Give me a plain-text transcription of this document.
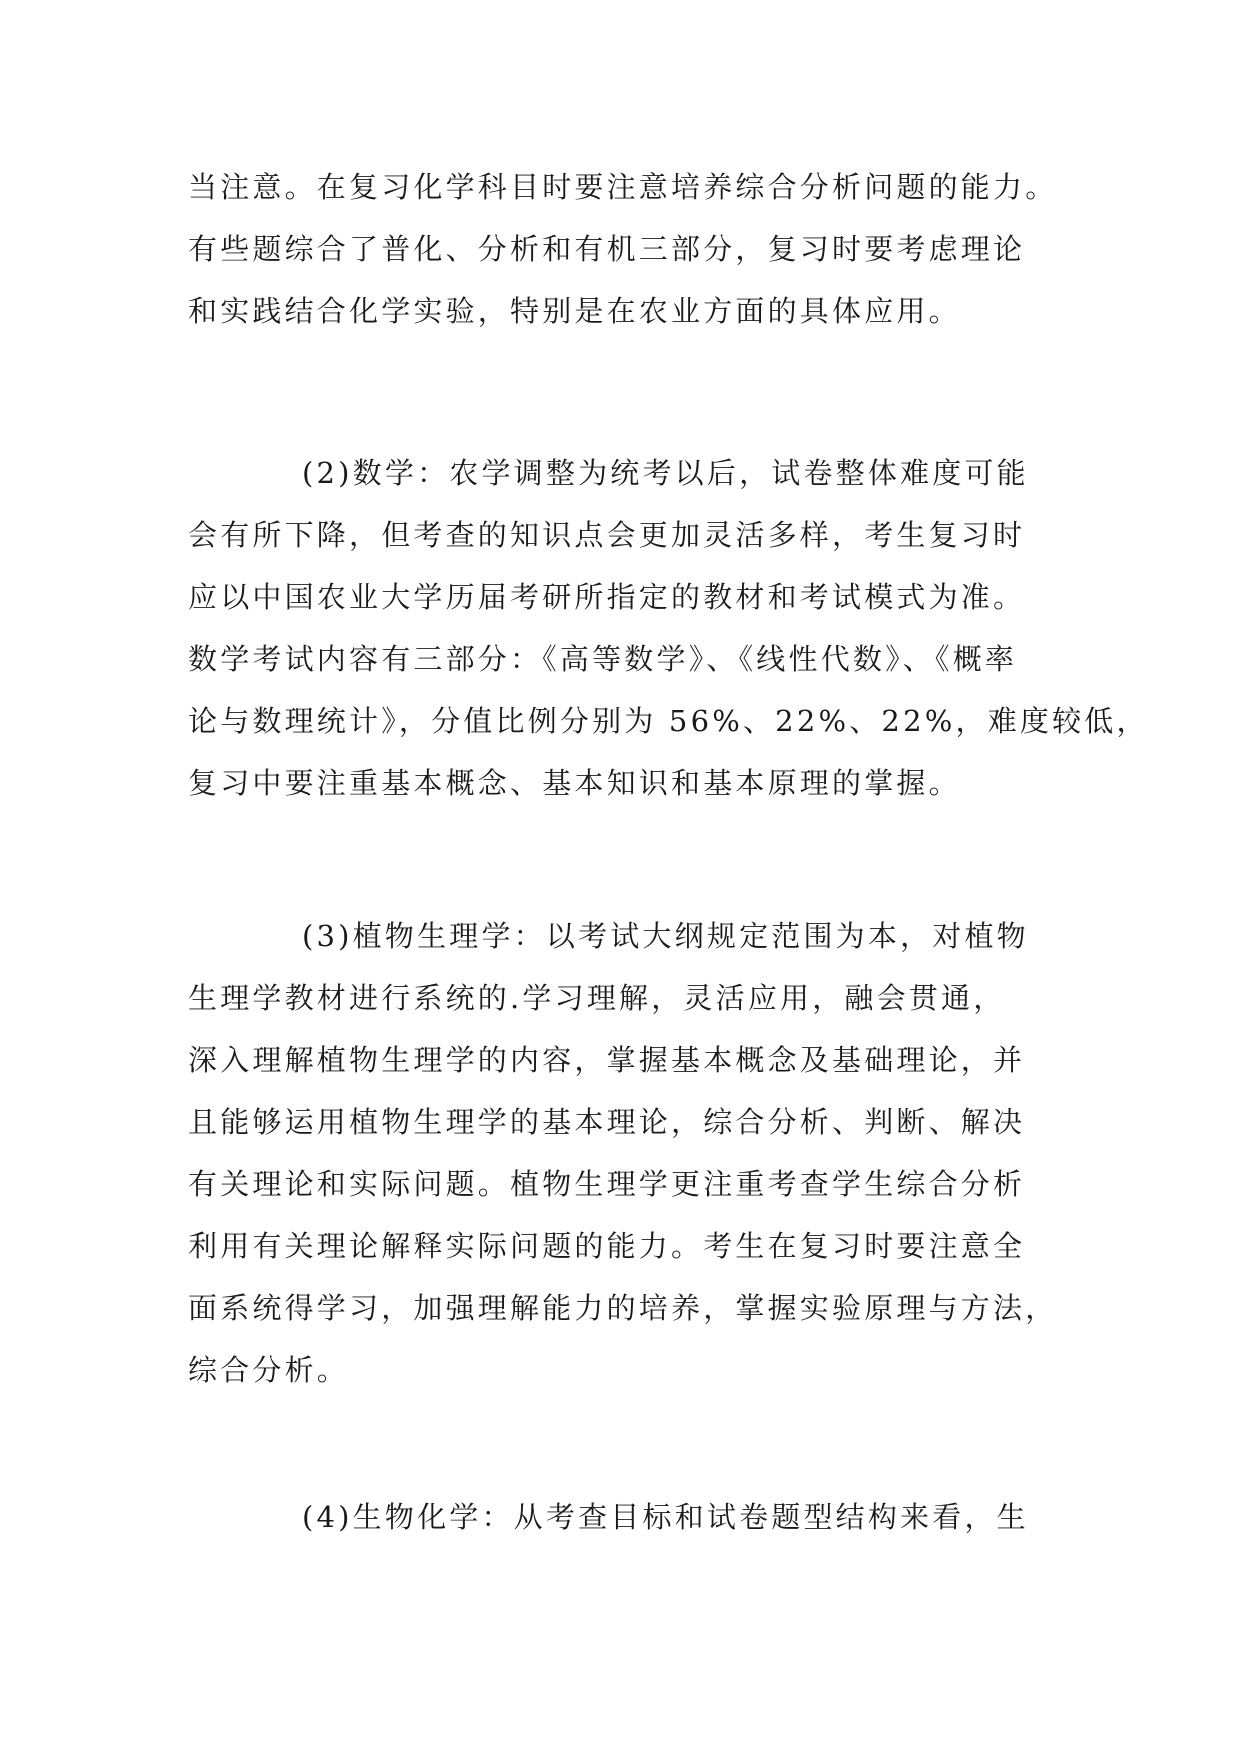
当注意。在复习化学科目时要注意培养综合分析问题的能力。
有些题综合了普化、分析和有机三部分，复习时要考虑理论
和实践结合化学实验，特别是在农业方面的具体应用。
(2)数学：农学调整为统考以后，试卷整体难度可能
会有所下降，但考查的知识点会更加灵活多样，考生复习时
应以中国农业大学历届考研所指定的教材和考试模式为准。
数学考试内容有三部分：《高等数学》、《线性代数》、《概率
论与数理统计》，分值比例分别为 56%、22%、22%，难度较低，
复习中要注重基本概念、基本知识和基本原理的掌握。
(3)植物生理学：以考试大纲规定范围为本，对植物
生理学教材进行系统的.学习理解，灵活应用，融会贯通，
深入理解植物生理学的内容，掌握基本概念及基础理论，并
且能够运用植物生理学的基本理论，综合分析、判断、解决
有关理论和实际问题。植物生理学更注重考查学生综合分析
利用有关理论解释实际问题的能力。考生在复习时要注意全
面系统得学习，加强理解能力的培养，掌握实验原理与方法，
综合分析。
(4)生物化学：从考查目标和试卷题型结构来看，生
